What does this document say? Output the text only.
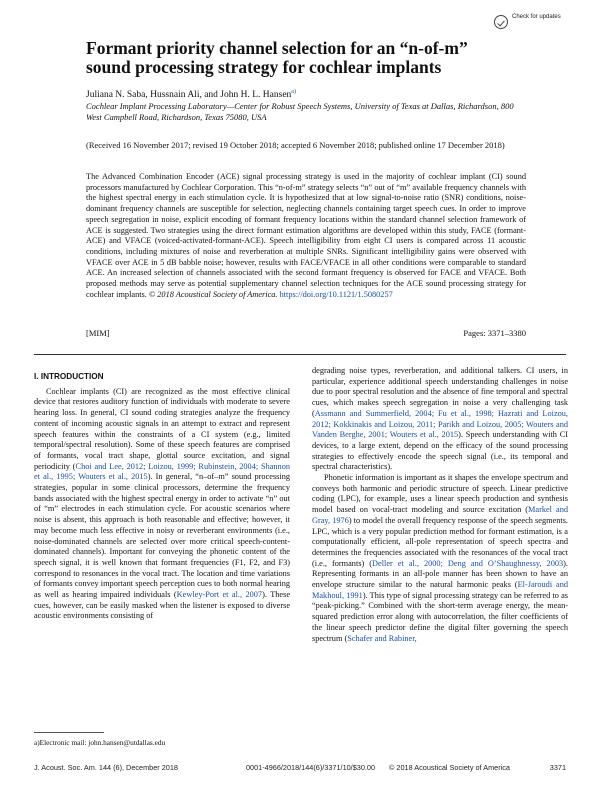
Check for updates
Formant priority channel selection for an “n-of-m” sound processing strategy for cochlear implants
Juliana N. Saba, Hussnain Ali, and John H. L. Hansen$^{a)}$
Cochlear Implant Processing Laboratory—Center for Robust Speech Systems, University of Texas at Dallas, Richardson, 800 West Campbell Road, Richardson, Texas 75080, USA
(Received 16 November 2017; revised 19 October 2018; accepted 6 November 2018; published online 17 December 2018)
The Advanced Combination Encoder (ACE) signal processing strategy is used in the majority of cochlear implant (CI) sound processors manufactured by Cochlear Corporation. This “n-of-m” strategy selects “n” out of “m” available frequency channels with the highest spectral energy in each stimulation cycle. It is hypothesized that at low signal-to-noise ratio (SNR) conditions, noise-dominant frequency channels are susceptible for selection, neglecting channels containing target speech cues. In order to improve speech segregation in noise, explicit encoding of formant frequency locations within the standard channel selection framework of ACE is suggested. Two strategies using the direct formant estimation algorithms are developed within this study, FACE (formant-ACE) and VFACE (voiced-activated-formant-ACE). Speech intelligibility from eight CI users is compared across 11 acoustic conditions, including mixtures of noise and reverberation at multiple SNRs. Significant intelligibility gains were observed with VFACE over ACE in 5 dB babble noise; however, results with FACE/VFACE in all other conditions were comparable to standard ACE. An increased selection of channels associated with the second formant frequency is observed for FACE and VFACE. Both proposed methods may serve as potential supplementary channel selection techniques for the ACE sound processing strategy for cochlear implants. © 2018 Acoustical Society of America. https://doi.org/10.1121/1.5080257
[MIM]	Pages: 3371–3380
I. INTRODUCTION

Cochlear implants (CI) are recognized as the most effective clinical device that restores auditory function of individuals with moderate to severe hearing loss. In general, CI sound coding strategies analyze the frequency content of incoming acoustic signals in an attempt to extract and represent speech features within the constraints of a CI system (e.g., limited temporal/spectral resolution). Some of these speech features are comprised of formants, vocal tract shape, glottal source excitation, and signal periodicity (Choi and Lee, 2012; Loizou, 1999; Rubinstein, 2004; Shannon et al., 1995; Wouters et al., 2015). In general, “n–of–m” sound processing strategies, popular in some clinical processors, determine the frequency bands associated with the highest spectral energy in order to activate “n” out of “m” electrodes in each stimulation cycle. For acoustic scenarios where noise is absent, this approach is both reasonable and effective; however, it may become much less effective in noisy or reverberant environments (i.e., noise-dominated channels are selected over more critical speech-content-dominated channels). Important for conveying the phonetic content of the speech signal, it is well known that formant frequencies (F1, F2, and F3) correspond to resonances in the vocal tract. The location and time variations of formants convey important speech perception cues to both normal hearing as well as hearing impaired individuals (Kewley-Port et al., 2007). These cues, however, can be easily masked when the listener is exposed to diverse acoustic environments consisting of

degrading noise types, reverberation, and additional talkers. CI users, in particular, experience additional speech understanding challenges in noise due to poor spectral resolution and the absence of fine temporal and spectral cues, which makes speech segregation in noise a very challenging task (Assmann and Summerfield, 2004; Fu et al., 1998; Hazrati and Loizou, 2012; Kokkinakis and Loizou, 2011; Parikh and Loizou, 2005; Wouters and Vanden Berghe, 2001; Wouters et al., 2015). Speech understanding with CI devices, to a large extent, depend on the efficacy of the sound processing strategies to effectively encode the speech signal (i.e., its temporal and spectral characteristics).

Phonetic information is important as it shapes the envelope spectrum and conveys both harmonic and periodic structure of speech. Linear predictive coding (LPC), for example, uses a linear speech production and synthesis model based on vocal-tract modeling and source excitation (Markel and Gray, 1976) to model the overall frequency response of the speech segments. LPC, which is a very popular prediction method for formant estimation, is a computationally efficient, all-pole representation of speech spectra and determines the frequencies associated with the resonances of the vocal tract (i.e., formants) (Deller et al., 2000; Deng and O’Shaughnessy, 2003). Representing formants in an all-pole manner has been shown to have an envelope structure similar to the natural harmonic peaks (El-Jaroudi and Makhoul, 1991). This type of signal processing strategy can be referred to as “peak-picking.” Combined with the short-term average energy, the mean-squared prediction error along with autocorrelation, the filter coefficients of the linear speech predictor define the digital filter governing the speech spectrum (Schafer and Rabiner,

a)Electronic mail: john.hansen@utdallas.edu
J. Acoust. Soc. Am. 144 (6), December 2018	0001-4966/2018/144(6)/3371/10/$30.00 © 2018 Acoustical Society of America	3371
